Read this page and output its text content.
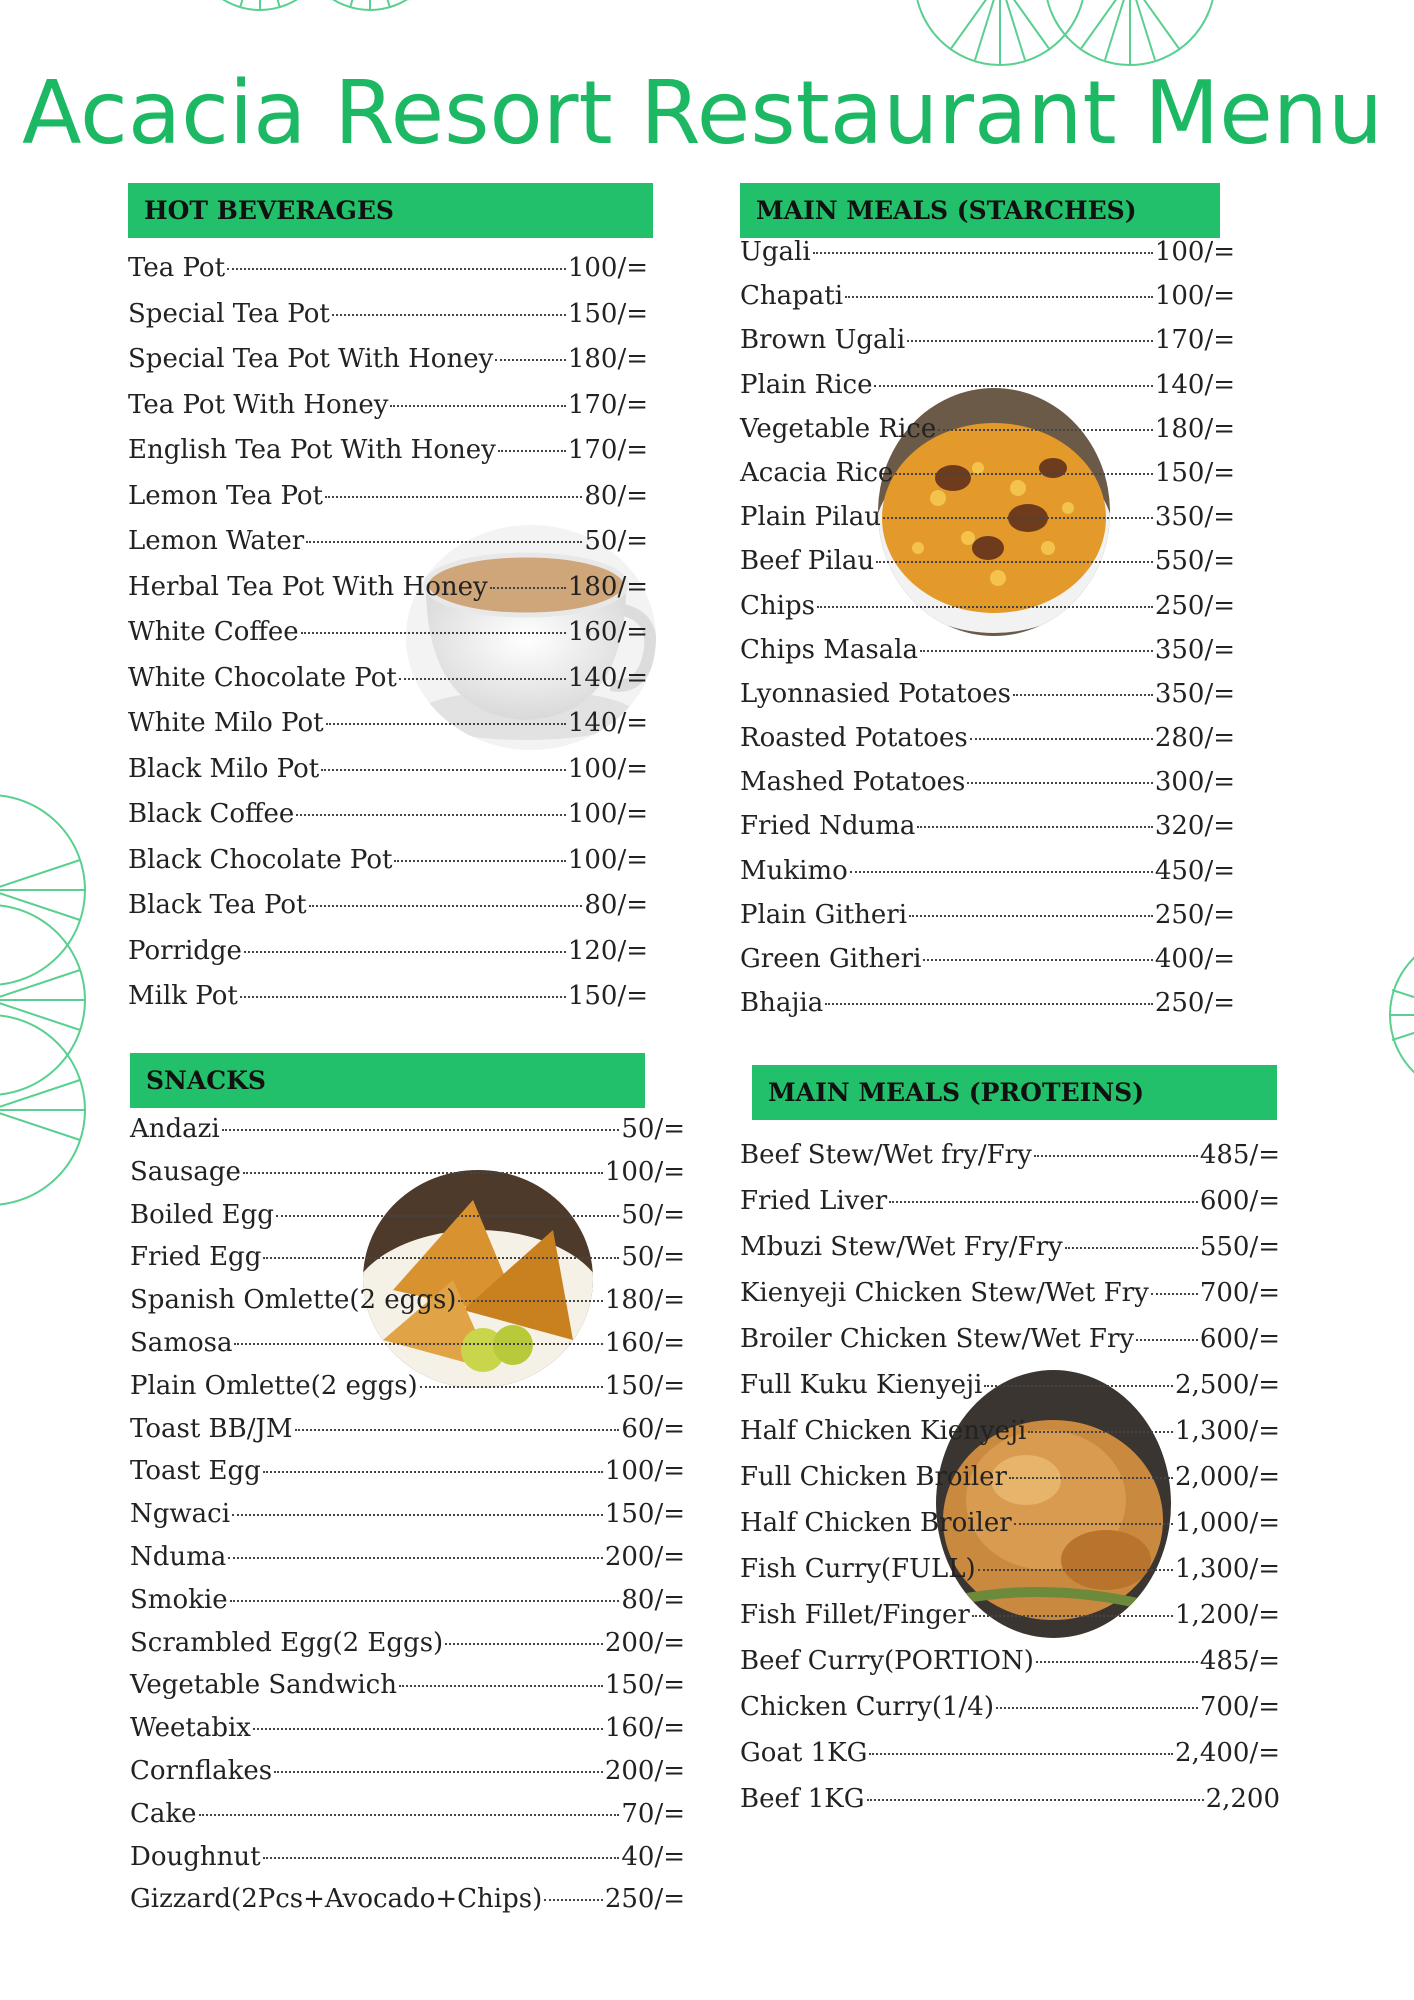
Acacia Resort Restaurant Menu
HOT BEVERAGES
Tea Pot	100/=
Special Tea Pot	150/=
Special Tea Pot With Honey	180/=
Tea Pot With Honey	170/=
English Tea Pot With Honey	170/=
Lemon Tea Pot	80/=
Lemon Water	50/=
Herbal Tea Pot With Honey	180/=
White Coffee	160/=
White Chocolate Pot	140/=
White Milo Pot	140/=
Black Milo Pot	100/=
Black Coffee	100/=
Black Chocolate Pot	100/=
Black Tea Pot	80/=
Porridge	120/=
Milk Pot	150/=
SNACKS
Andazi	50/=
Sausage	100/=
Boiled Egg	50/=
Fried Egg	50/=
Spanish Omlette(2 eggs)	180/=
Samosa	160/=
Plain Omlette(2 eggs)	150/=
Toast BB/JM	60/=
Toast Egg	100/=
Ngwaci	150/=
Nduma	200/=
Smokie	80/=
Scrambled Egg(2 Eggs)	200/=
Vegetable Sandwich	150/=
Weetabix	160/=
Cornflakes	200/=
Cake	70/=
Doughnut	40/=
Gizzard(2Pcs+Avocado+Chips) 250/=
MAIN MEALS (STARCHES)
Ugali	100/=
Chapati	100/=
Brown Ugali	170/=
Plain Rice	140/=
Vegetable Rice	180/=
Acacia Rice	150/=
Plain Pilau	350/=
Beef Pilau	550/=
Chips	250/=
Chips Masala	350/=
Lyonnasied Potatoes	350/=
Roasted Potatoes	280/=
Mashed Potatoes	300/=
Fried Nduma	320/=
Mukimo	450/=
Plain Githeri	250/=
Green Githeri	400/=
Bhajia	250/=
MAIN MEALS (PROTEINS)
Beef Stew/Wet fry/Fry	485/=
Fried Liver	600/=
Mbuzi Stew/Wet Fry/Fry	550/=
Kienyeji Chicken Stew/Wet Fry 700/=
Broiler Chicken Stew/Wet Fry	600/=
Full Kuku Kienyeji	2,500/=
Half Chicken Kienyeji	1,300/=
Full Chicken Broiler	2,000/=
Half Chicken Broiler	1,000/=
Fish Curry(FULL)	1,300/=
Fish Fillet/Finger	1,200/=
Beef Curry(PORTION)	485/=
Chicken Curry(1/4)	700/=
Goat 1KG	2,400/=
Beef 1KG	2,200
